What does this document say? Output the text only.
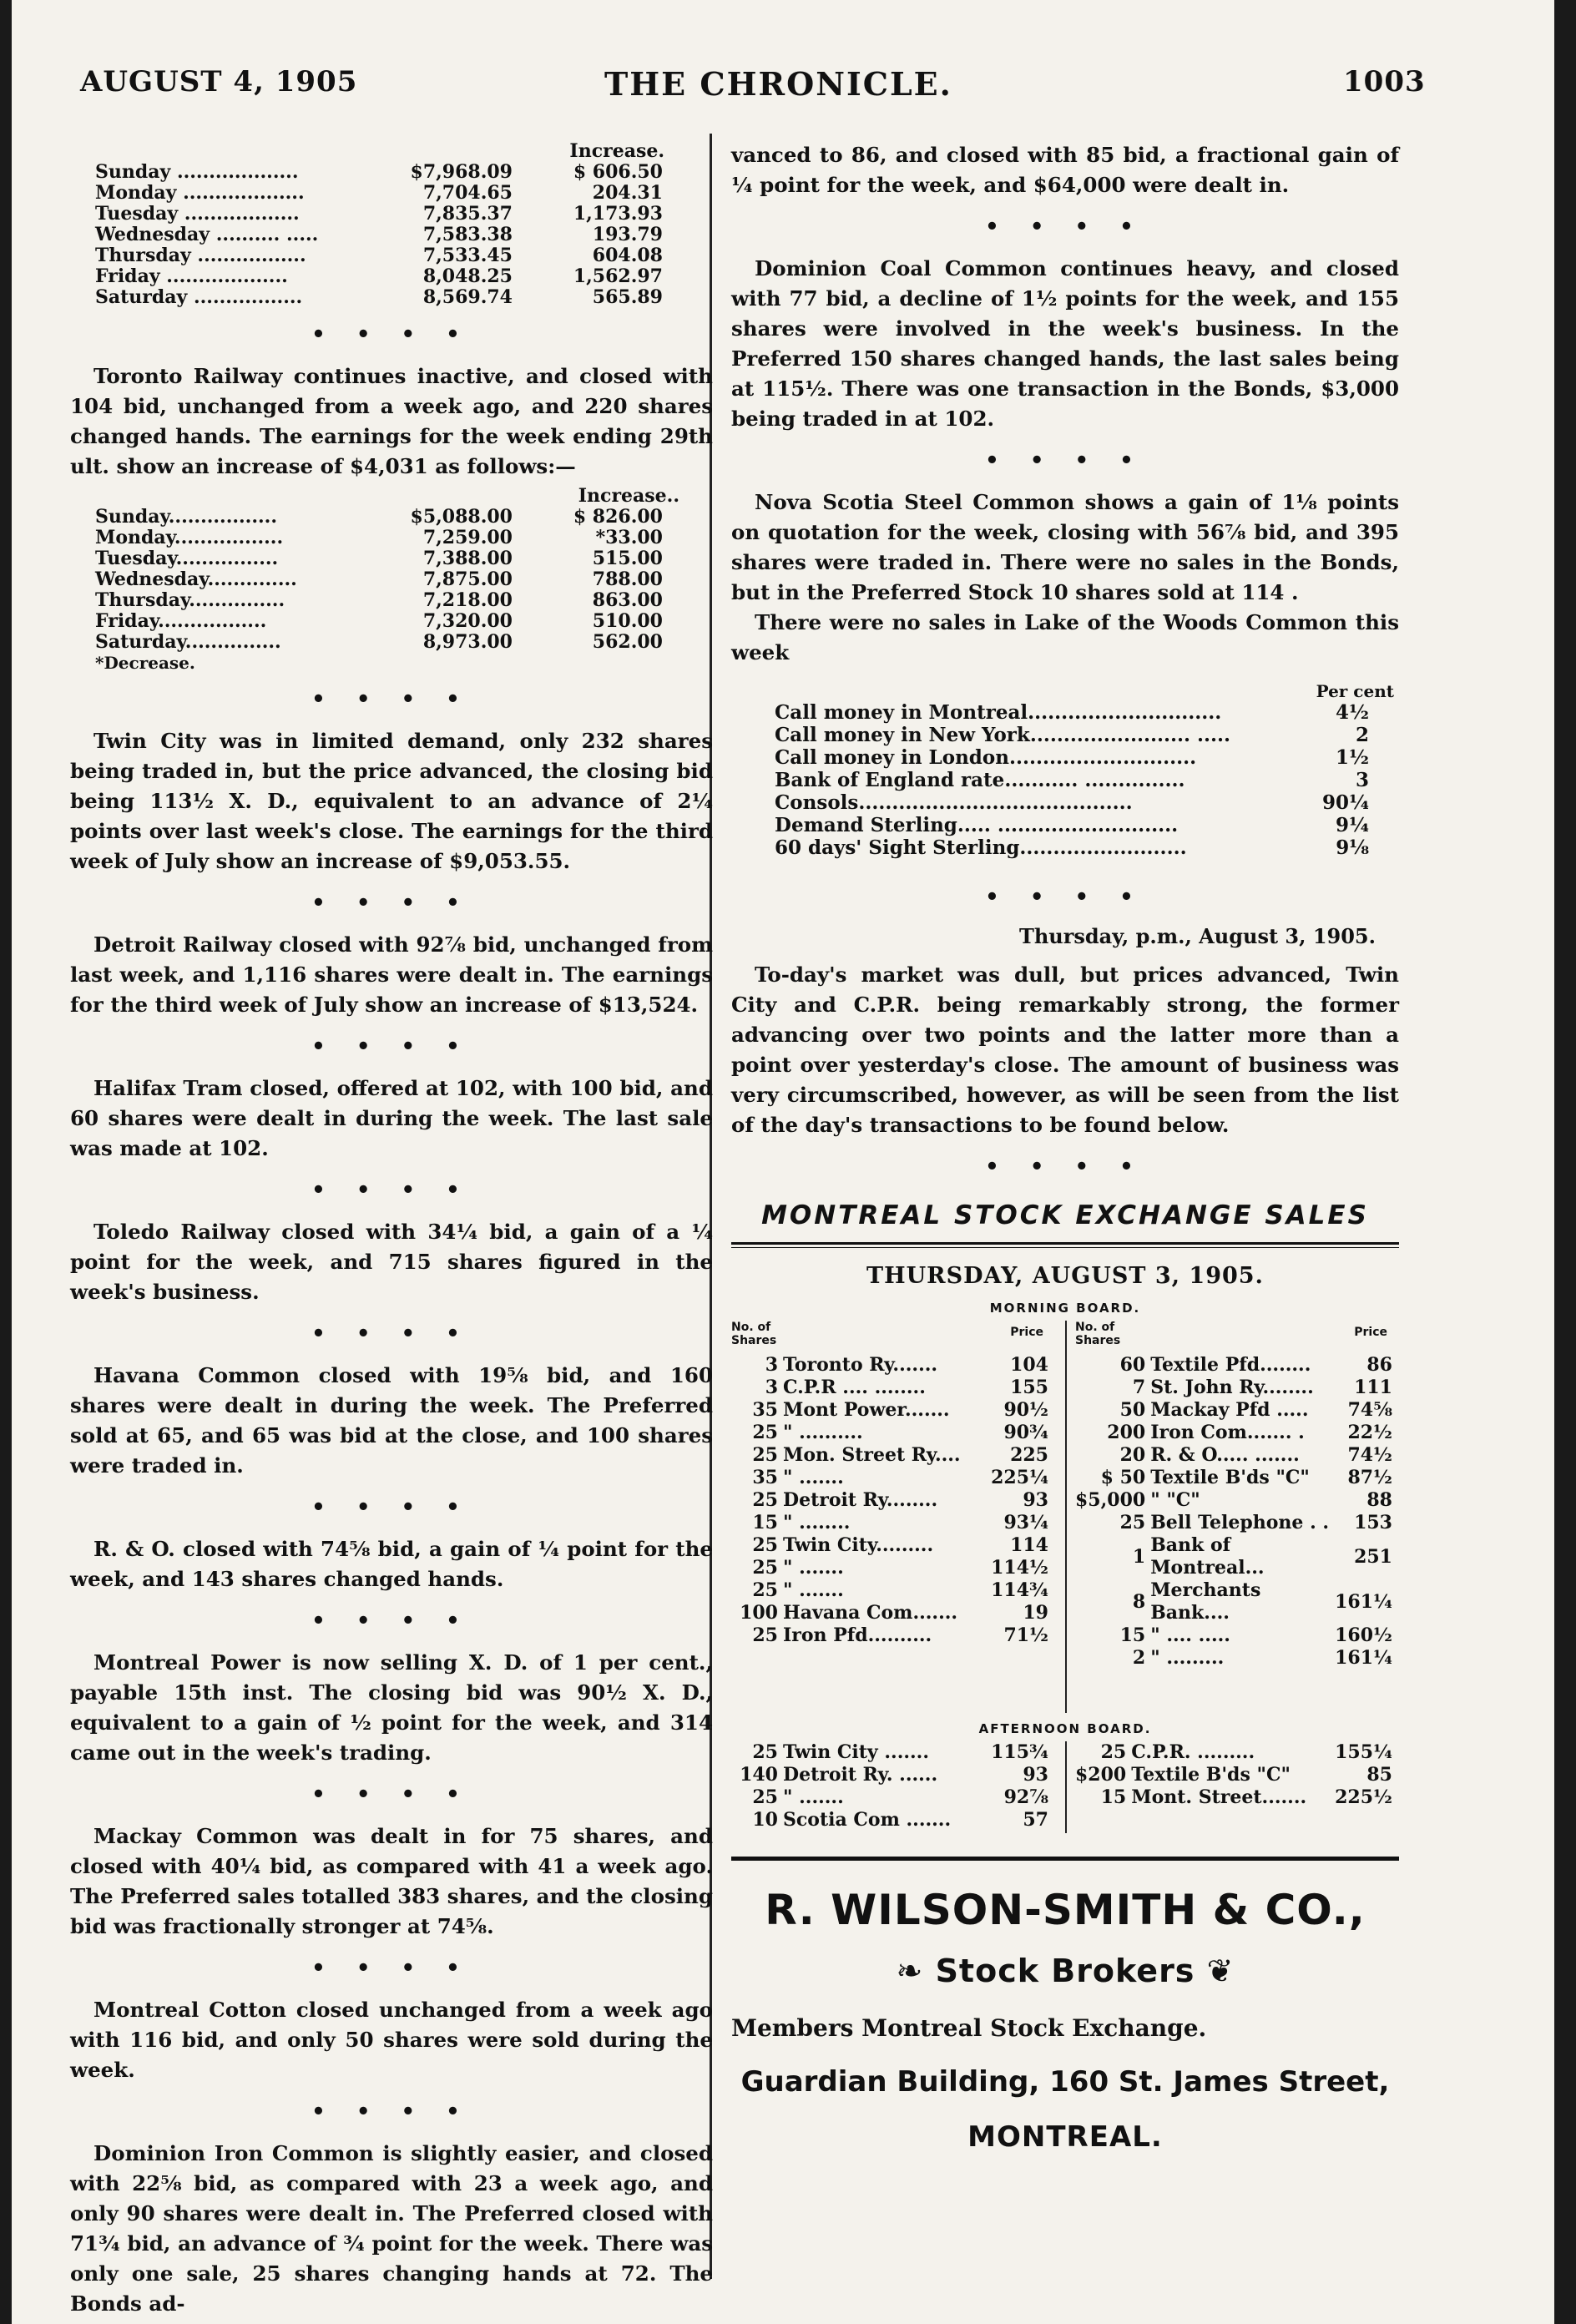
AUGUST 4, 1905	THE CHRONICLE.	1003
Increase.
Sunday ...................	$7,968.09	$ 606.50
Monday ...................	7,704.65	204.31
Tuesday ..................	7,835.37	1,173.93
Wednesday .......... .....	7,583.38	193.79
Thursday .................	7,533.45	604.08
Friday ...................	8,048.25	1,562.97
Saturday .................	8,569.74	565.89
• • • •

Toronto Railway continues inactive, and closed with 104 bid, unchanged from a week ago, and 220 shares changed hands. The earnings for the week ending 29th ult. show an increase of $4,031 as follows:—

Increase..
Sunday.................	$5,088.00	$ 826.00
Monday.................	7,259.00	*33.00
Tuesday................	7,388.00	515.00
Wednesday..............	7,875.00	788.00
Thursday...............	7,218.00	863.00
Friday.................	7,320.00	510.00
Saturday...............	8,973.00	562.00
*Decrease.
• • • •

Twin City was in limited demand, only 232 shares being traded in, but the price advanced, the closing bid being 113½ X. D., equivalent to an advance of 2¼ points over last week's close. The earnings for the third week of July show an increase of $9,053.55.

• • • •

Detroit Railway closed with 92⅞ bid, unchanged from last week, and 1,116 shares were dealt in. The earnings for the third week of July show an increase of $13,524.

• • • •

Halifax Tram closed, offered at 102, with 100 bid, and 60 shares were dealt in during the week. The last sale was made at 102.

• • • •

Toledo Railway closed with 34¼ bid, a gain of a ¼ point for the week, and 715 shares figured in the week's business.

• • • •

Havana Common closed with 19⅝ bid, and 160 shares were dealt in during the week. The Preferred sold at 65, and 65 was bid at the close, and 100 shares were traded in.

• • • •

R. & O. closed with 74⅝ bid, a gain of ¼ point for the week, and 143 shares changed hands.

• • • •

Montreal Power is now selling X. D. of 1 per cent., payable 15th inst. The closing bid was 90½ X. D., equivalent to a gain of ½ point for the week, and 314 came out in the week's trading.

• • • •

Mackay Common was dealt in for 75 shares, and closed with 40¼ bid, as compared with 41 a week ago. The Preferred sales totalled 383 shares, and the closing bid was fractionally stronger at 74⅝.

• • • •

Montreal Cotton closed unchanged from a week ago with 116 bid, and only 50 shares were sold during the week.

• • • •

Dominion Iron Common is slightly easier, and closed with 22⅝ bid, as compared with 23 a week ago, and only 90 shares were dealt in. The Preferred closed with 71¾ bid, an advance of ¾ point for the week. There was only one sale, 25 shares changing hands at 72. The Bonds ad-

vanced to 86, and closed with 85 bid, a fractional gain of ¼ point for the week, and $64,000 were dealt in.

• • • •

Dominion Coal Common continues heavy, and closed with 77 bid, a decline of 1½ points for the week, and 155 shares were involved in the week's business. In the Preferred 150 shares changed hands, the last sales being at 115½. There was one transaction in the Bonds, $3,000 being traded in at 102.

• • • •

Nova Scotia Steel Common shows a gain of 1⅛ points on quotation for the week, closing with 56⅞ bid, and 395 shares were traded in. There were no sales in the Bonds, but in the Preferred Stock 10 shares sold at 114 .

There were no sales in Lake of the Woods Common this week

Per cent
Call money in Montreal.............................	4½
Call money in New York........................ .....	2
Call money in London............................	1½
Bank of England rate........... ...............	3
Consols.........................................	90¼
Demand Sterling..... ...........................	9¼
60 days' Sight Sterling.........................	9⅛
• • • •
Thursday, p.m., August 3, 1905.

To-day's market was dull, but prices advanced, Twin City and C.P.R. being remarkably strong, the former advancing over two points and the latter more than a point over yesterday's close. The amount of business was very circumscribed, however, as will be seen from the list of the day's transactions to be found below.

• • • •
MONTREAL STOCK EXCHANGE SALES
THURSDAY, AUGUST 3, 1905.
MORNING BOARD.
No. of Shares
Price
3	Toronto Ry.......	104
3	C.P.R .... ........	155
35	Mont Power.......	90½
25	" ..........	90¾
25	Mon. Street Ry....	225
35	" .......	225¼
25	Detroit Ry........	93
15	" ........	93¼
25	Twin City.........	114
25	" .......	114½
25	" .......	114¾
100	Havana Com.......	19
25	Iron Pfd..........	71½
No. of Shares
Price
60	Textile Pfd........	86
7	St. John Ry........	111
50	Mackay Pfd .....	74⅝
200	Iron Com....... .	22½
20	R. & O..... .......	74½
$ 50	Textile B'ds "C"	87½
$5,000	" "C"	88
25	Bell Telephone . .	153
1	Bank of Montreal...	251
8	Merchants Bank....	161¼
15	" .... .....	160½
2	" .........	161¼
AFTERNOON BOARD.
25	Twin City .......	115¾
140	Detroit Ry. ......	93
25	" .......	92⅞
10	Scotia Com .......	57
25	C.P.R. .........	155¼
$200	Textile B'ds "C"	85
15	Mont. Street.......	225½
R. WILSON-SMITH & CO.,
❧ Stock Brokers ❦
Members Montreal Stock Exchange.
Guardian Building, 160 St. James Street,
MONTREAL.
